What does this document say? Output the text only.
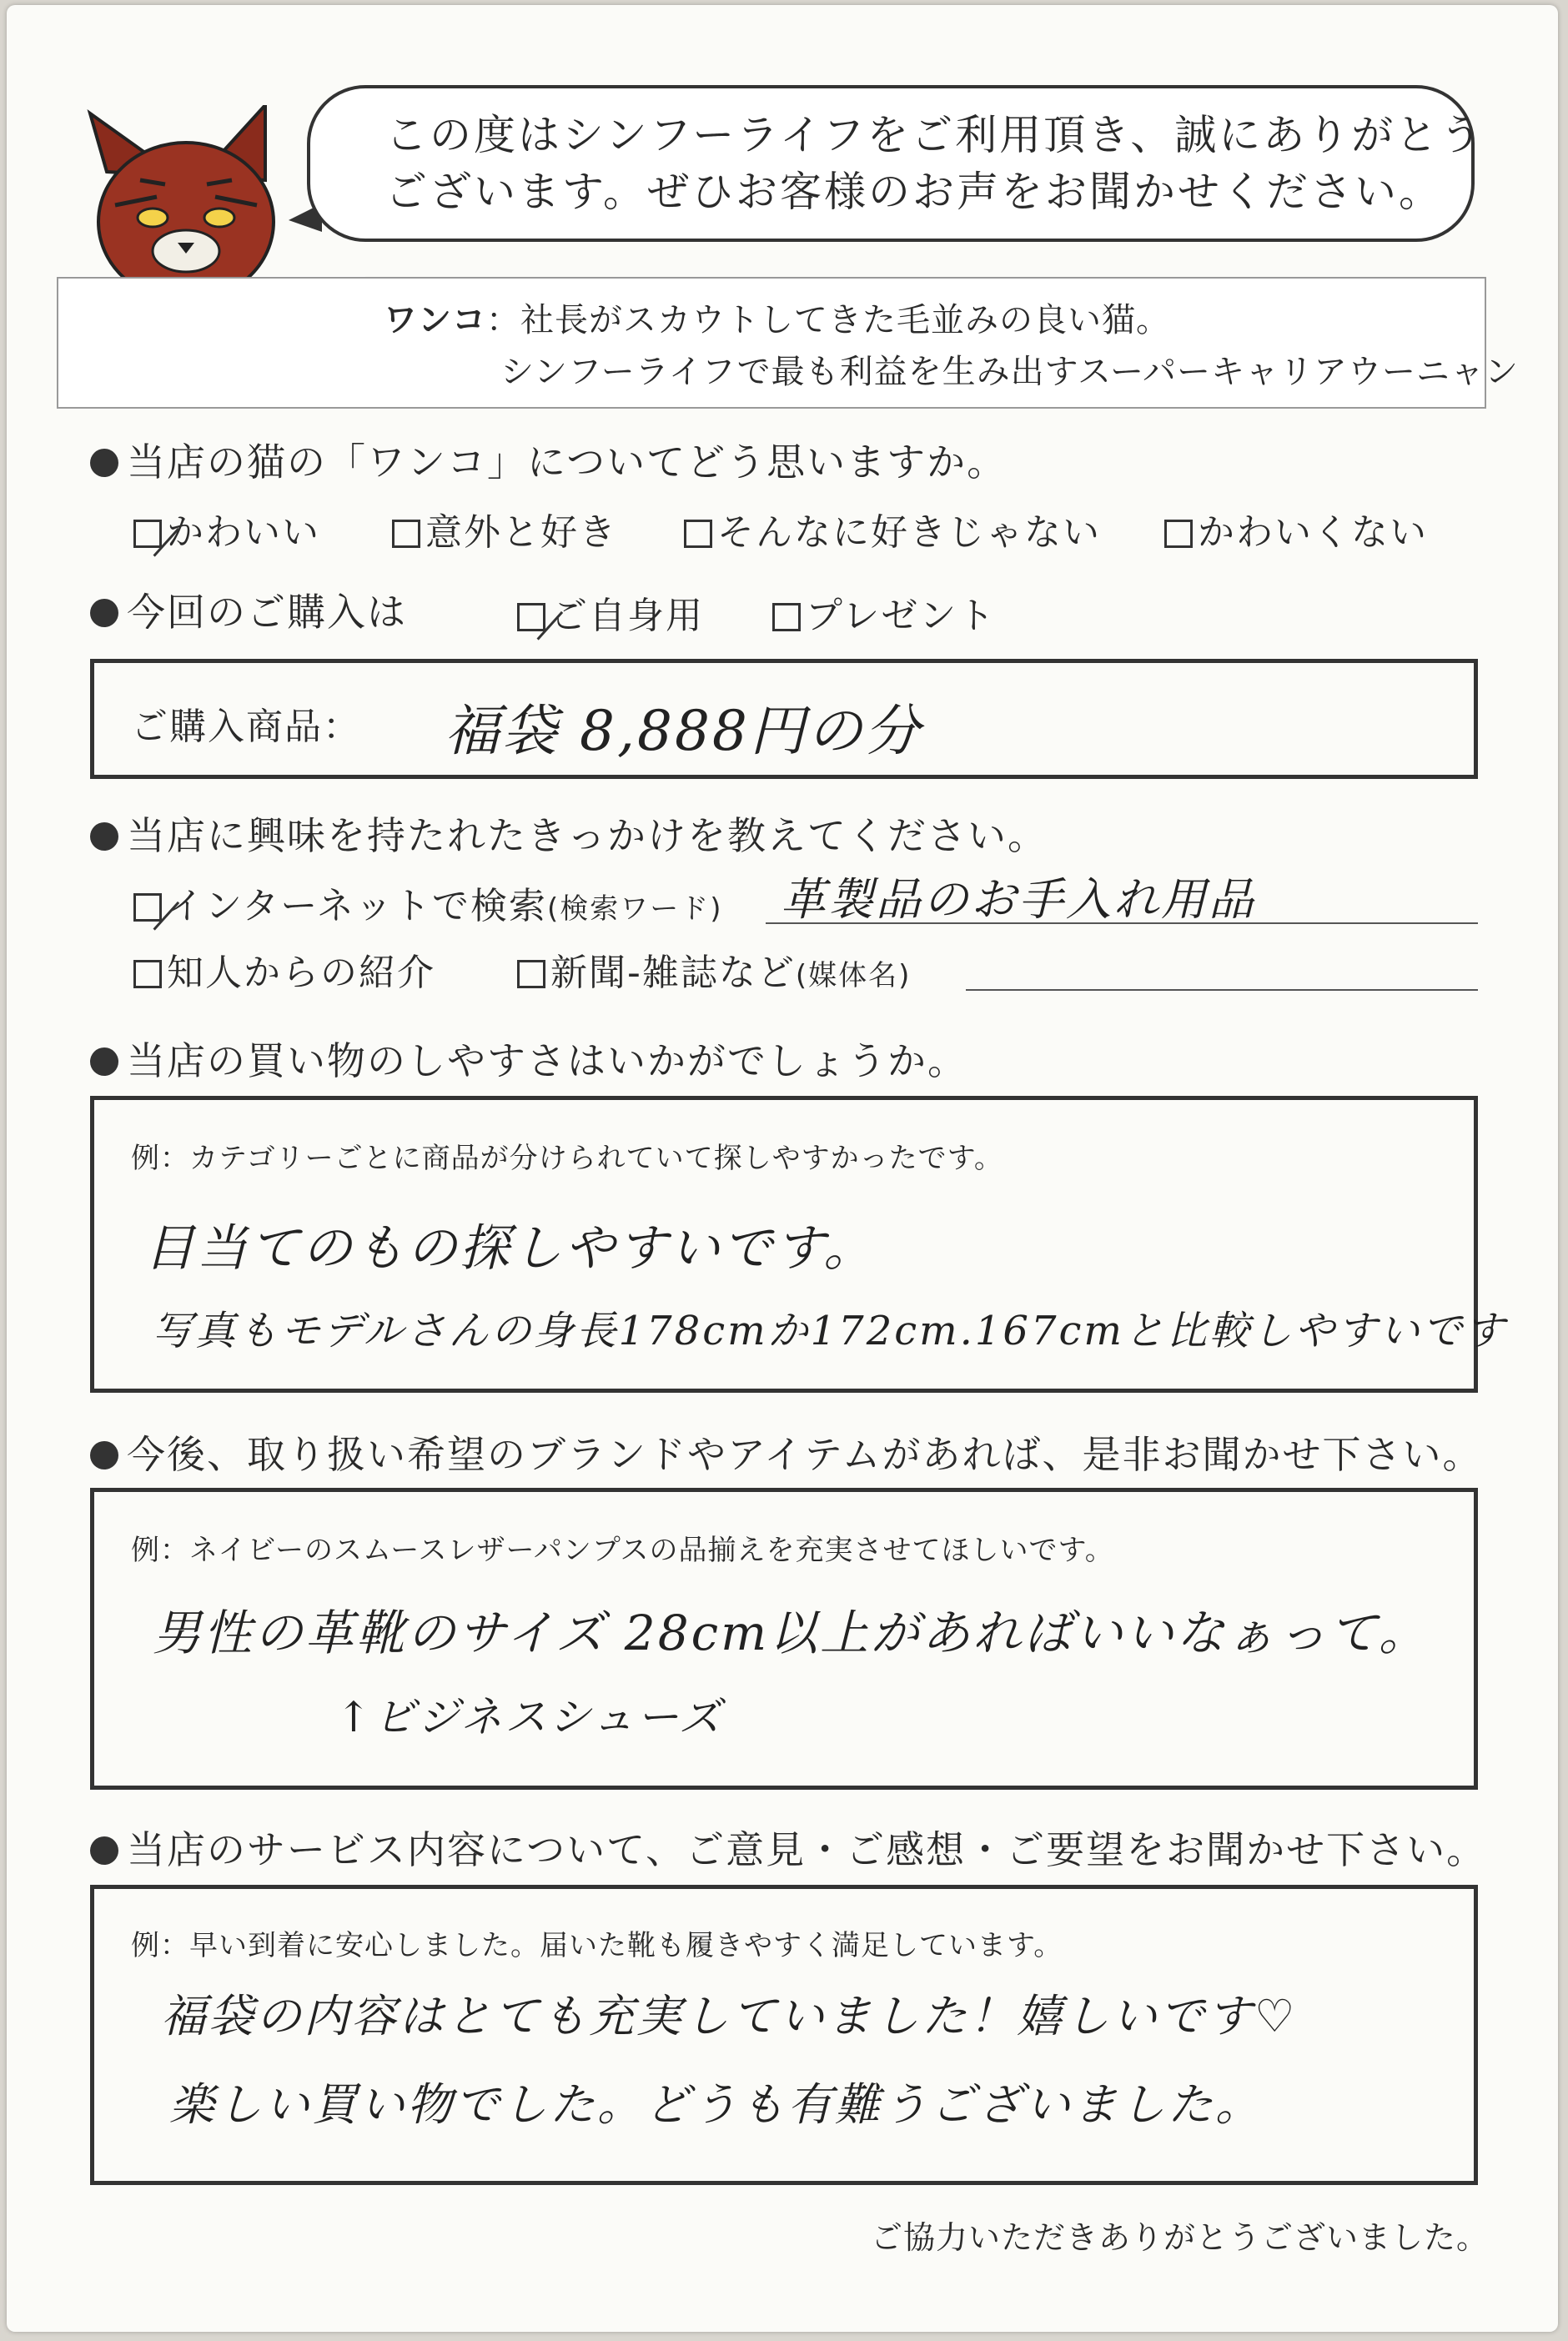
この度はシンフーライフをご利用頂き、誠にありがとう
ございます。ぜひお客様のお声をお聞かせください。
ワンコ：社長がスカウトしてきた毛並みの良い猫。
シンフーライフで最も利益を生み出すスーパーキャリアウーニャン
当店の猫の「ワンコ」についてどう思いますか。
かわいい	意外と好き	そんなに好きじゃない	かわいくない
今回のご購入は	ご自身用	プレゼント
ご購入商品： 福袋 8,888円の分
当店に興味を持たれたきっかけを教えてください。
インターネットで検索(検索ワード) 革製品のお手入れ用品
知人からの紹介	新聞-雑誌など(媒体名)
当店の買い物のしやすさはいかがでしょうか。
例：カテゴリーごとに商品が分けられていて探しやすかったです。
目当てのもの探しやすいです。
写真もモデルさんの身長178cmか172cm.167cmと比較しやすいです
今後、取り扱い希望のブランドやアイテムがあれば、是非お聞かせ下さい。
例：ネイビーのスムースレザーパンプスの品揃えを充実させてほしいです。
男性の革靴のサイズ 28cm以上があればいいなぁって。
↑ビジネスシューズ
当店のサービス内容について、ご意見・ご感想・ご要望をお聞かせ下さい。
例：早い到着に安心しました。届いた靴も履きやすく満足しています。
福袋の内容はとても充実していました！嬉しいです♡
楽しい買い物でした。どうも有難うございました。
ご協力いただきありがとうございました。
